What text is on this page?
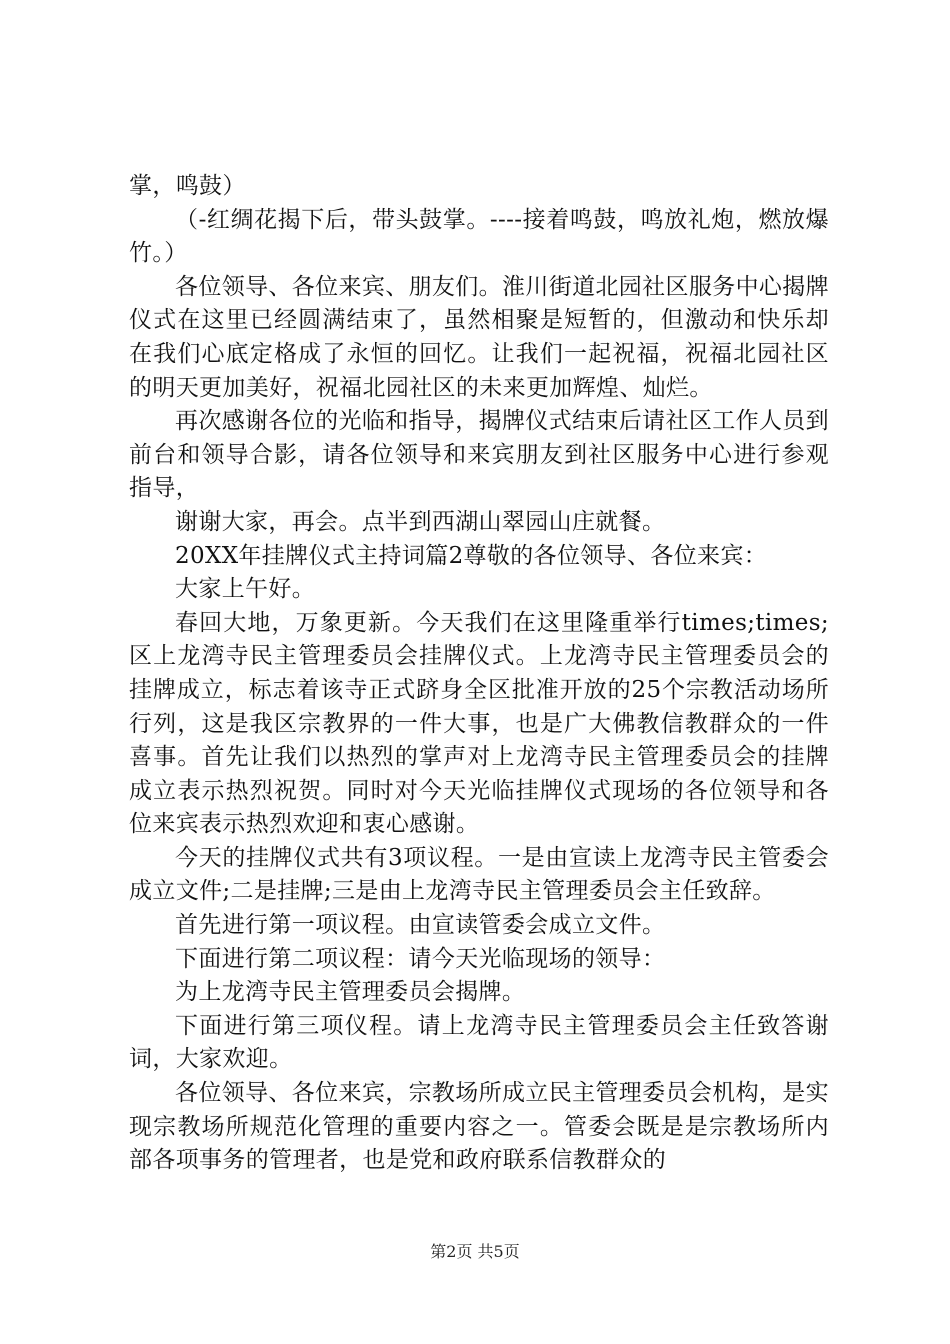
掌，鸣鼓）

（-红绸花揭下后，带头鼓掌。----接着鸣鼓，鸣放礼炮，燃放爆竹。）

各位领导、各位来宾、朋友们。淮川街道北园社区服务中心揭牌仪式在这里已经圆满结束了，虽然相聚是短暂的，但激动和快乐却在我们心底定格成了永恒的回忆。让我们一起祝福，祝福北园社区的明天更加美好，祝福北园社区的未来更加辉煌、灿烂。

再次感谢各位的光临和指导，揭牌仪式结束后请社区工作人员到前台和领导合影，请各位领导和来宾朋友到社区服务中心进行参观指导，

谢谢大家，再会。点半到西湖山翠园山庄就餐。

20XX年挂牌仪式主持词篇2尊敬的各位领导、各位来宾：

大家上午好。

春回大地，万象更新。今天我们在这里隆重举行times;times;区上龙湾寺民主管理委员会挂牌仪式。上龙湾寺民主管理委员会的挂牌成立，标志着该寺正式跻身全区批准开放的25个宗教活动场所行列，这是我区宗教界的一件大事，也是广大佛教信教群众的一件喜事。首先让我们以热烈的掌声对上龙湾寺民主管理委员会的挂牌成立表示热烈祝贺。同时对今天光临挂牌仪式现场的各位领导和各位来宾表示热烈欢迎和衷心感谢。

今天的挂牌仪式共有3项议程。一是由宣读上龙湾寺民主管委会成立文件;二是挂牌;三是由上龙湾寺民主管理委员会主任致辞。

首先进行第一项议程。由宣读管委会成立文件。

下面进行第二项议程：请今天光临现场的领导：

为上龙湾寺民主管理委员会揭牌。

下面进行第三项仪程。请上龙湾寺民主管理委员会主任致答谢词，大家欢迎。

各位领导、各位来宾，宗教场所成立民主管理委员会机构，是实现宗教场所规范化管理的重要内容之一。管委会既是是宗教场所内部各项事务的管理者，也是党和政府联系信教群众的

第2页 共5页
